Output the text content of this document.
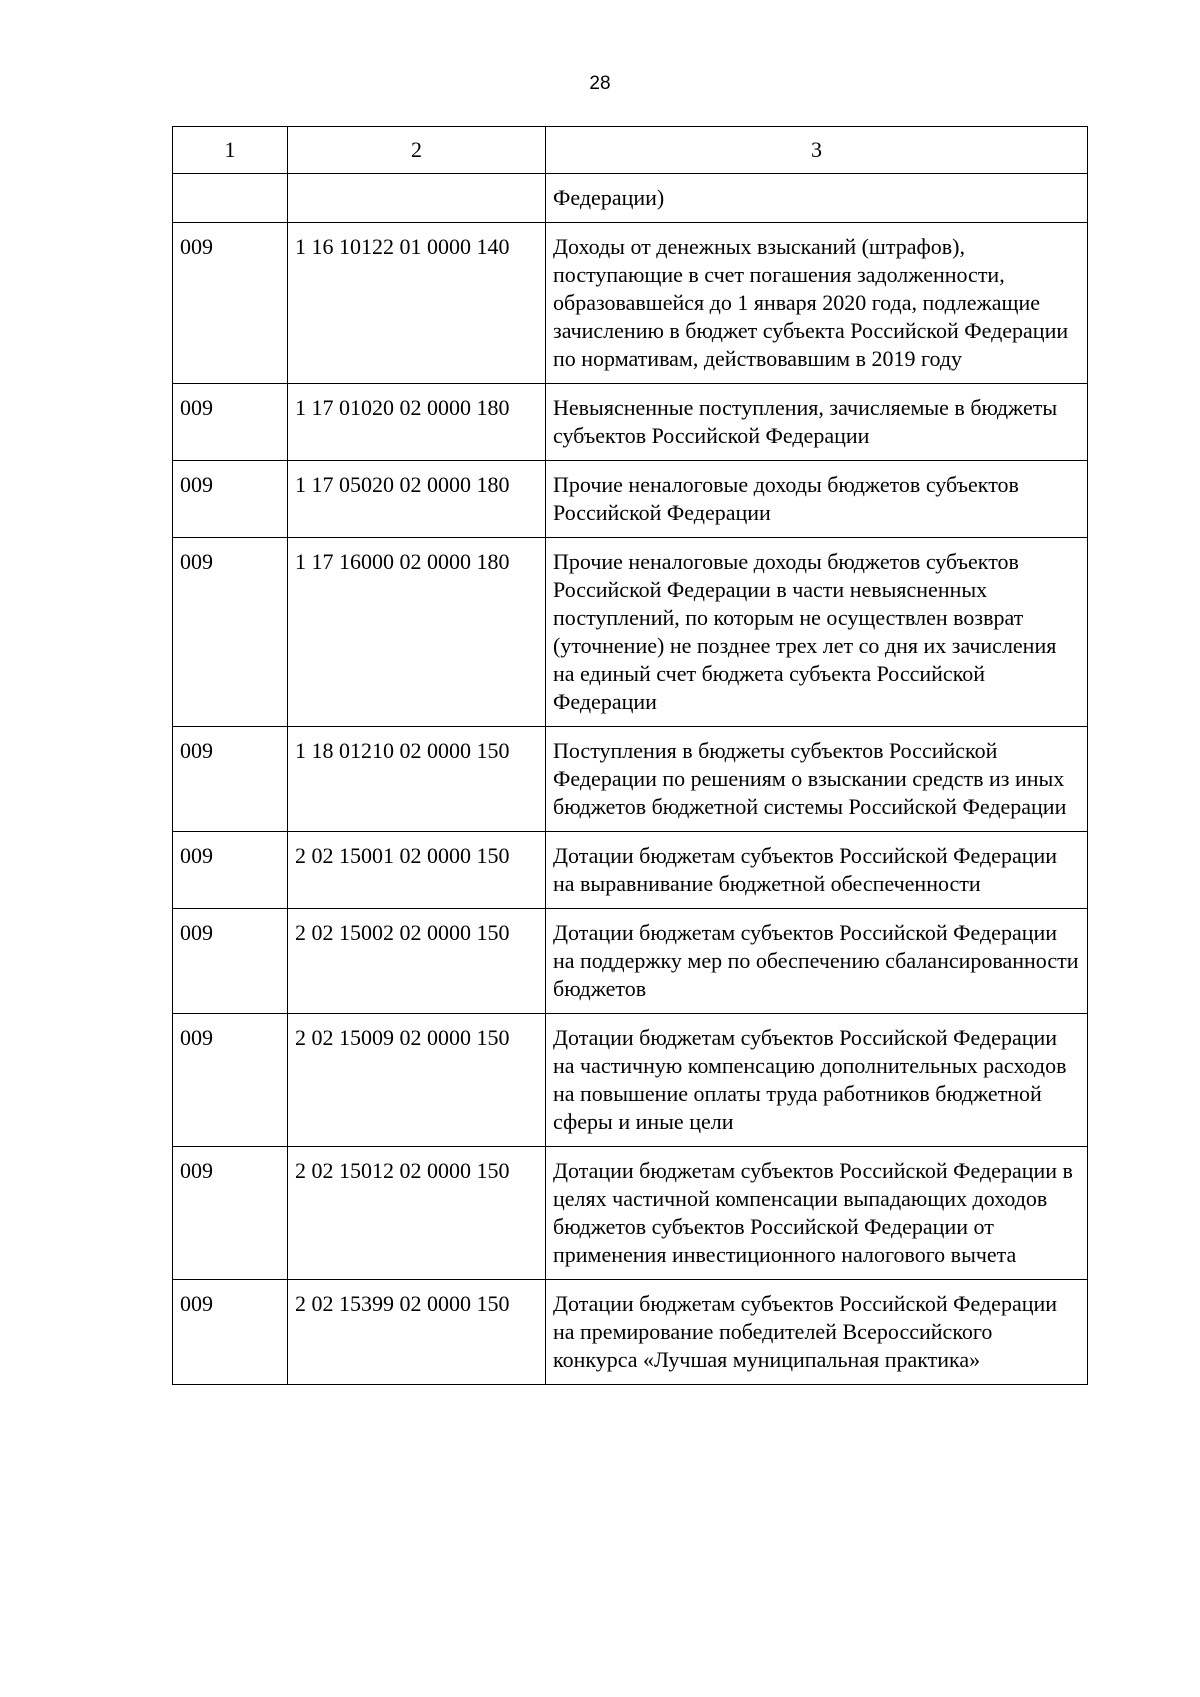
28
1	2	3
		Федерации)
009	1 16 10122 01 0000 140	Доходы от денежных взысканий (штрафов), поступающие в счет погашения задолженности, образовавшейся до 1 января 2020 года, подлежащие зачислению в бюджет субъекта Российской Федерации по нормативам, действовавшим в 2019 году
009	1 17 01020 02 0000 180	Невыясненные поступления, зачисляемые в бюджеты субъектов Российской Федерации
009	1 17 05020 02 0000 180	Прочие неналоговые доходы бюджетов субъектов Российской Федерации
009	1 17 16000 02 0000 180	Прочие неналоговые доходы бюджетов субъектов Российской Федерации в части невыясненных поступлений, по которым не осуществлен возврат (уточнение) не позднее трех лет со дня их зачисления на единый счет бюджета субъекта Российской Федерации
009	1 18 01210 02 0000 150	Поступления в бюджеты субъектов Российской Федерации по решениям о взыскании средств из иных бюджетов бюджетной системы Российской Федерации
009	2 02 15001 02 0000 150	Дотации бюджетам субъектов Российской Федерации на выравнивание бюджетной обеспеченности
009	2 02 15002 02 0000 150	Дотации бюджетам субъектов Российской Федерации на поддержку мер по обеспечению сбалансированности бюджетов
009	2 02 15009 02 0000 150	Дотации бюджетам субъектов Российской Федерации на частичную компенсацию дополнительных расходов на повышение оплаты труда работников бюджетной сферы и иные цели
009	2 02 15012 02 0000 150	Дотации бюджетам субъектов Российской Федерации в целях частичной компенсации выпадающих доходов бюджетов субъектов Российской Федерации от применения инвестиционного налогового вычета
009	2 02 15399 02 0000 150	Дотации бюджетам субъектов Российской Федерации на премирование победителей Всероссийского конкурса «Лучшая муниципальная практика»
